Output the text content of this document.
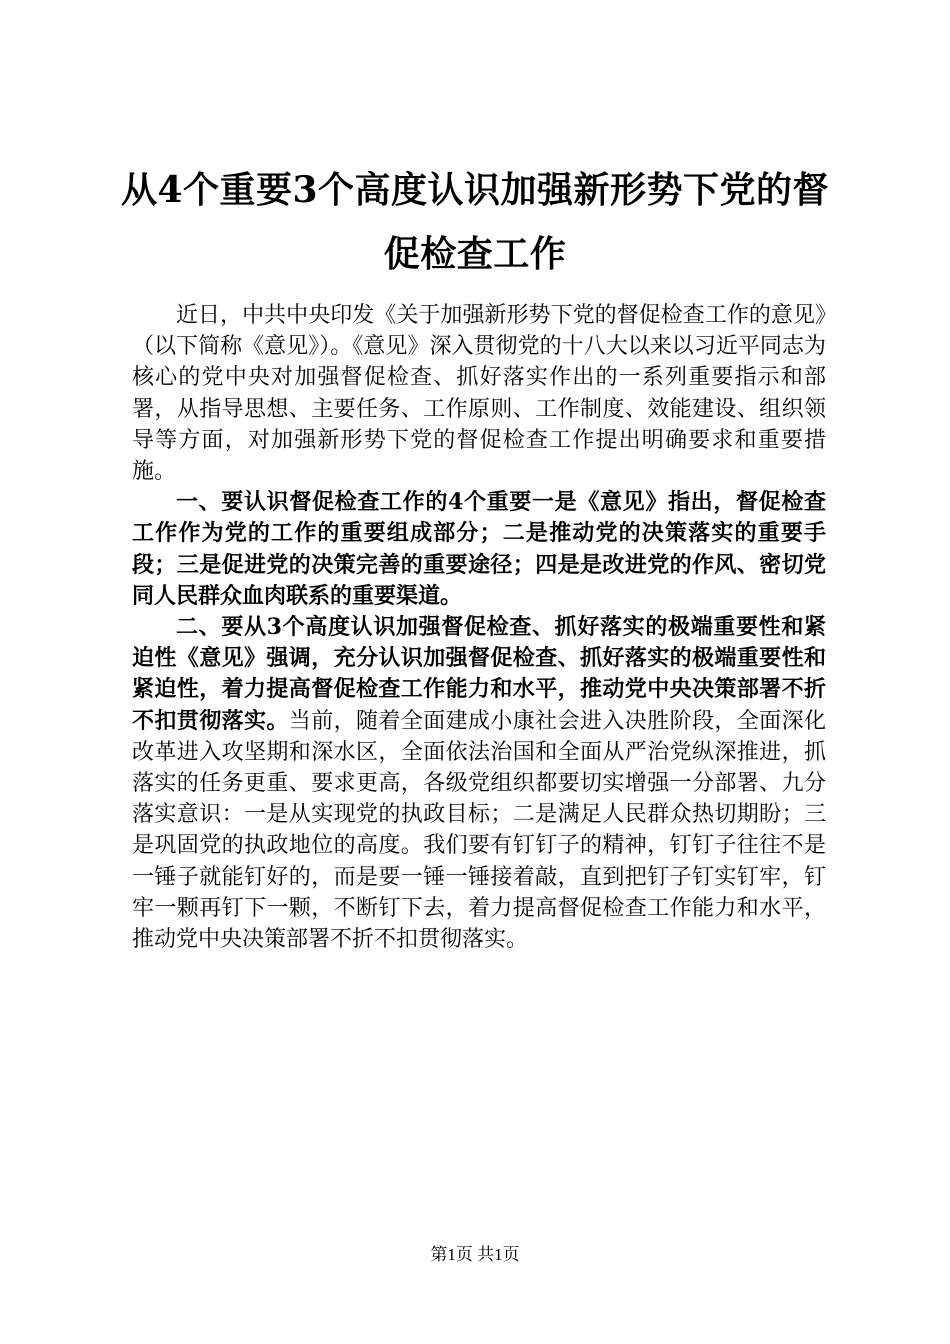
从4个重要3个高度认识加强新形势下党的督
促检查工作

近日，中共中央印发《关于加强新形势下党的督促检查工作的意见》（以下简称《意见》）。《意见》深入贯彻党的十八大以来以习近平同志为核心的党中央对加强督促检查、抓好落实作出的一系列重要指示和部署，从指导思想、主要任务、工作原则、工作制度、效能建设、组织领导等方面，对加强新形势下党的督促检查工作提出明确要求和重要措施。

一、要认识督促检查工作的4个重要一是《意见》指出，督促检查工作作为党的工作的重要组成部分；二是推动党的决策落实的重要手段；三是促进党的决策完善的重要途径；四是是改进党的作风、密切党同人民群众血肉联系的重要渠道。

二、要从3个高度认识加强督促检查、抓好落实的极端重要性和紧迫性《意见》强调，充分认识加强督促检查、抓好落实的极端重要性和紧迫性，着力提高督促检查工作能力和水平，推动党中央决策部署不折不扣贯彻落实。当前，随着全面建成小康社会进入决胜阶段，全面深化改革进入攻坚期和深水区，全面依法治国和全面从严治党纵深推进，抓落实的任务更重、要求更高，各级党组织都要切实增强一分部署、九分落实意识：一是从实现党的执政目标；二是满足人民群众热切期盼；三是巩固党的执政地位的高度。我们要有钉钉子的精神，钉钉子往往不是一锤子就能钉好的，而是要一锤一锤接着敲，直到把钉子钉实钉牢，钉牢一颗再钉下一颗，不断钉下去，着力提高督促检查工作能力和水平，推动党中央决策部署不折不扣贯彻落实。

第1页 共1页
